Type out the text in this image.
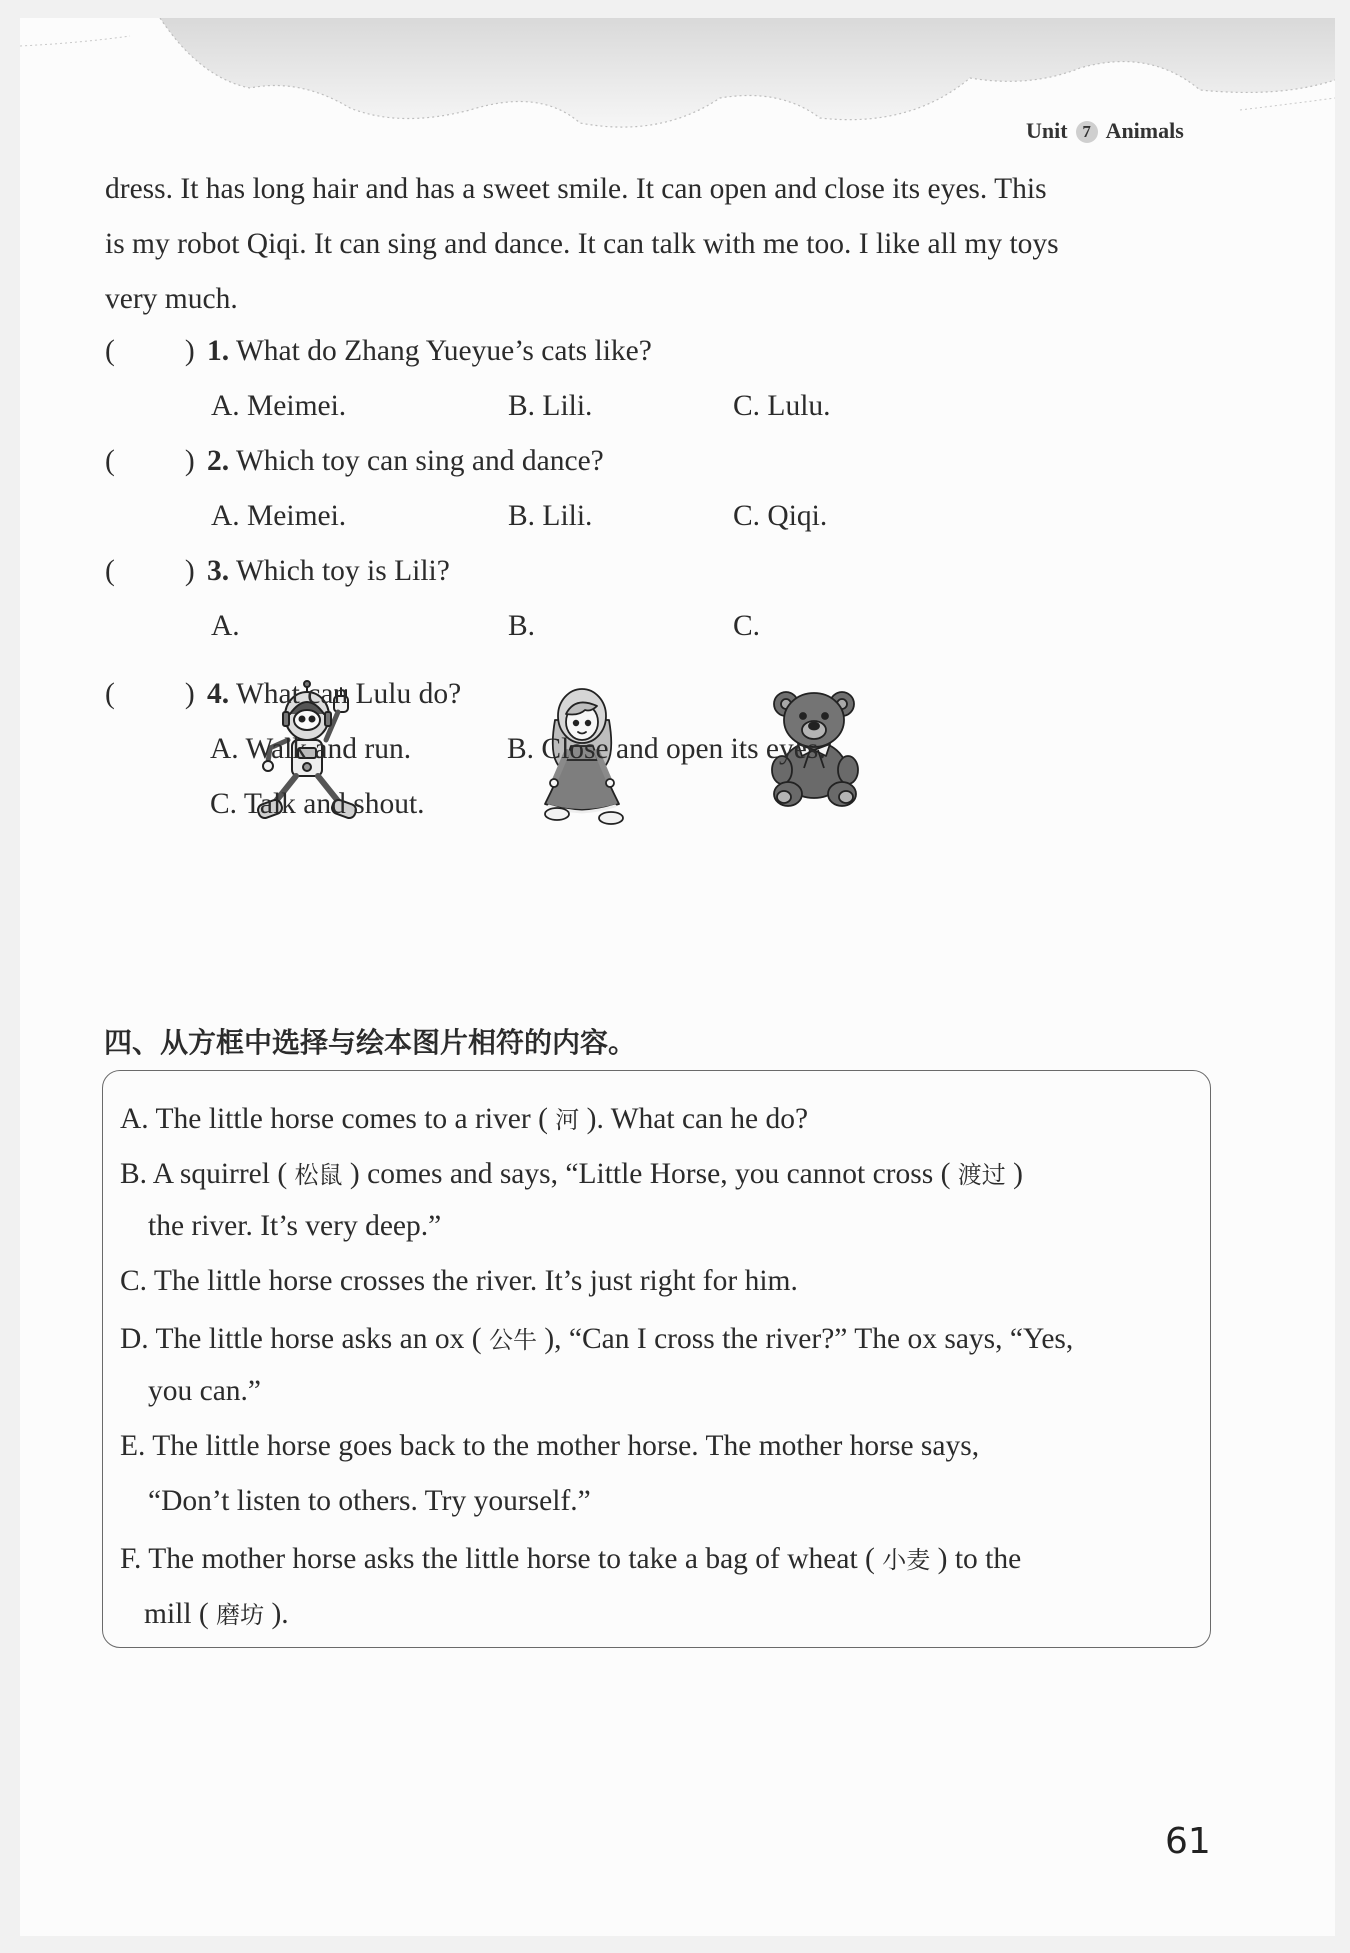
Unit 7 Animals
dress. It has long hair and has a sweet smile. It can open and close its eyes. This
is my robot Qiqi. It can sing and dance. It can talk with me too. I like all my toys
very much.
( ) 1. What do Zhang Yueyue’s cats like?
A. Meimei.	B. Lili.	C. Lulu.
( ) 2. Which toy can sing and dance?
A. Meimei.	B. Lili.	C. Qiqi.
( ) 3. Which toy is Lili?
A.	B.	C.
( ) 4. What can Lulu do?
A. Walk and run.	B. Close and open its eyes.
C. Talk and shout.
四、从方框中选择与绘本图片相符的内容。
A. The little horse comes to a river ( 河 ). What can he do?
B. A squirrel ( 松鼠 ) comes and says, “Little Horse, you cannot cross ( 渡过 )
the river. It’s very deep.”
C. The little horse crosses the river. It’s just right for him.
D. The little horse asks an ox ( 公牛 ), “Can I cross the river?” The ox says, “Yes,
you can.”
E. The little horse goes back to the mother horse. The mother horse says,
“Don’t listen to others. Try yourself.”
F. The mother horse asks the little horse to take a bag of wheat ( 小麦 ) to the
mill ( 磨坊 ).
61
